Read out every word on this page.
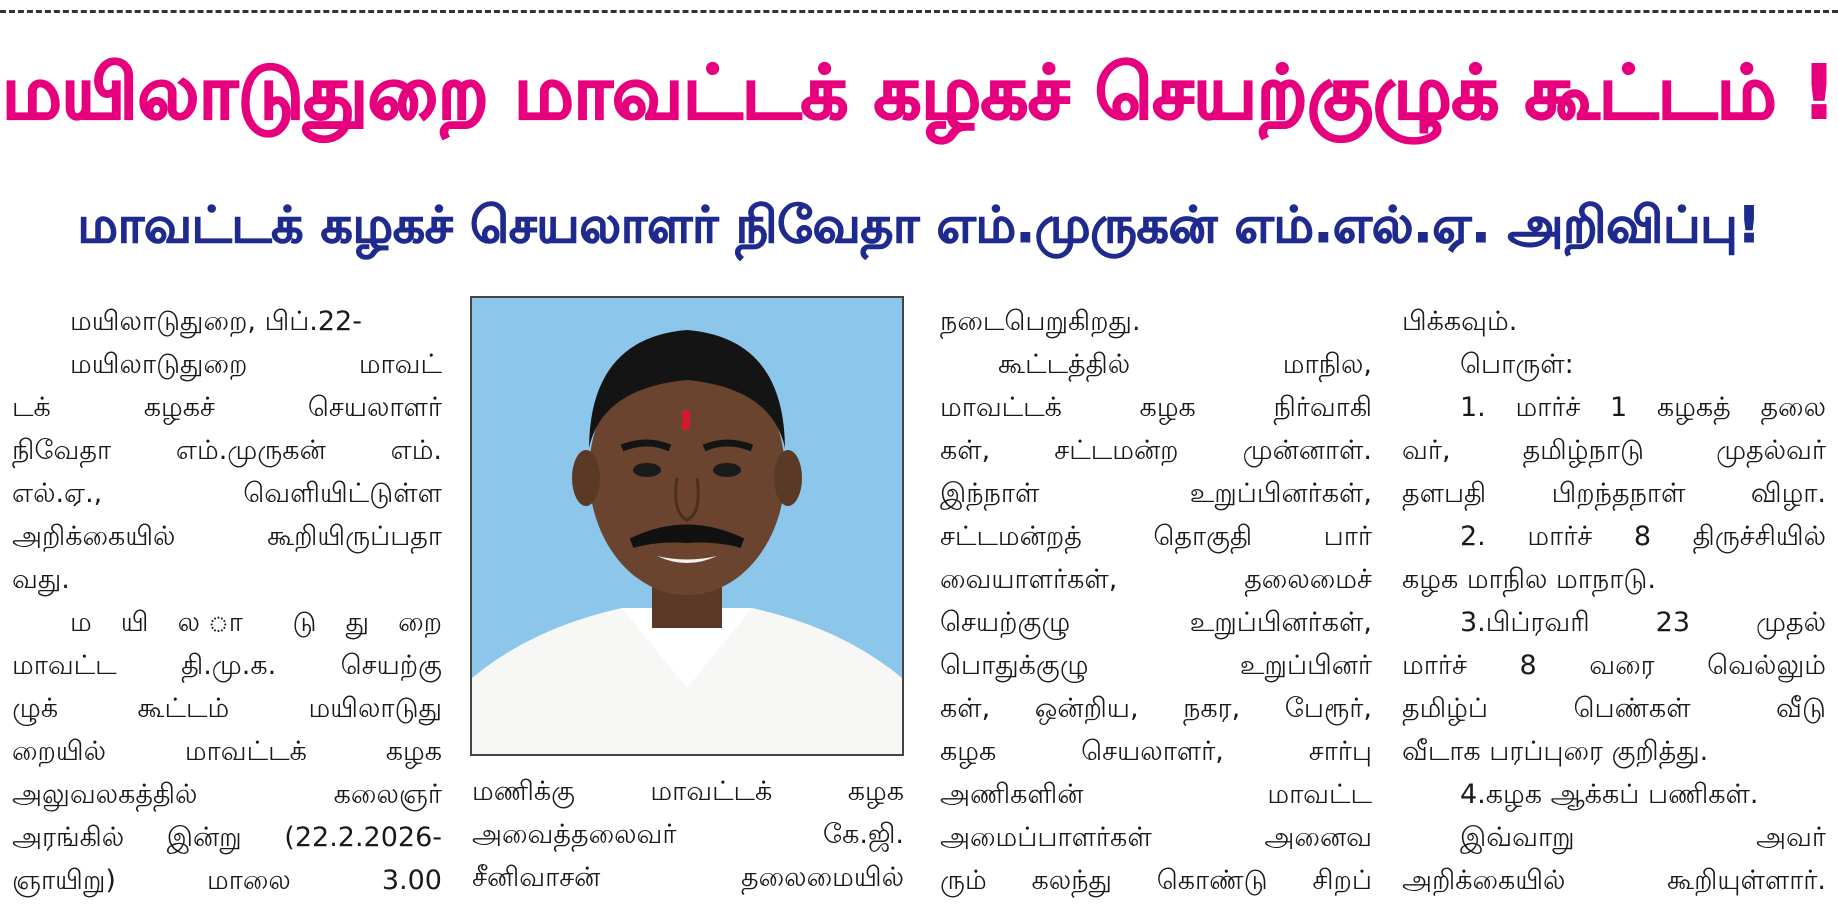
மயிலாடுதுறை மாவட்டக் கழகச் செயற்குழுக் கூட்டம் !
மாவட்டக் கழகச் செயலாளர் நிவேதா எம்.முருகன் எம்.எல்.ஏ. அறிவிப்பு!
மயிலாடுதுறை, பிப்.22-
மயிலாடுதுறை மாவட்
டக் கழகச் செயலாளர்
நிவேதா எம்.முருகன் எம்.
எல்.ஏ., வெளியிட்டுள்ள
அறிக்கையில் கூறியிருப்பதா
வது.
ம யி ல ா டு து றை
மாவட்ட தி.மு.க. செயற்கு
ழுக் கூட்டம் மயிலாடுது
றையில் மாவட்டக் கழக
அலுவலகத்தில் கலைஞர்
அரங்கில் இன்று (22.2.2026-
ஞாயிறு) மாலை 3.00
மணிக்கு மாவட்டக் கழக
அவைத்தலைவர் கே.ஜி.
சீனிவாசன் தலைமையில்
நடைபெறுகிறது.
கூட்டத்தில் மாநில,
மாவட்டக் கழக நிர்வாகி
கள், சட்டமன்ற முன்னாள்.
இந்நாள் உறுப்பினர்கள்,
சட்டமன்றத் தொகுதி பார்
வையாளர்கள், தலைமைச்
செயற்குழு உறுப்பினர்கள்,
பொதுக்குழு உறுப்பினர்
கள், ஒன்றிய, நகர, பேரூர்,
கழக செயலாளர், சார்பு
அணிகளின் மாவட்ட
அமைப்பாளர்கள் அனைவ
ரும் கலந்து கொண்டு சிறப்
பிக்கவும்.
பொருள்:
1. மார்ச் 1 கழகத் தலை
வர், தமிழ்நாடு முதல்வர்
தளபதி பிறந்தநாள் விழா.
2. மார்ச் 8 திருச்சியில்
கழக மாநில மாநாடு.
3.பிப்ரவரி 23 முதல்
மார்ச் 8 வரை வெல்லும்
தமிழ்ப் பெண்கள் வீடு
வீடாக பரப்புரை குறித்து.
4.கழக ஆக்கப் பணிகள்.
இவ்வாறு அவர்
அறிக்கையில் கூறியுள்ளார்.
